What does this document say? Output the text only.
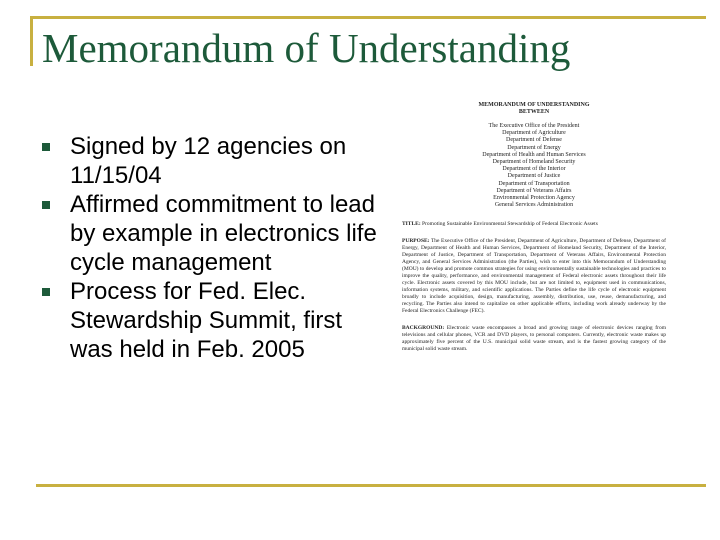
Memorandum of Understanding
Signed by 12 agencies on 11/15/04
Affirmed commitment to lead by example in electronics life cycle management
Process for Fed. Elec. Stewardship Summit, first was held in Feb. 2005
MEMORANDUM OF UNDERSTANDING
BETWEEN
The Executive Office of the President
Department of Agriculture
Department of Defense
Department of Energy
Department of Health and Human Services
Department of Homeland Security
Department of the Interior
Department of Justice
Department of Transportation
Department of Veterans Affairs
Environmental Protection Agency
General Services Administration
TITLE: Promoting Sustainable Environmental Stewardship of Federal Electronic Assets
PURPOSE: The Executive Office of the President, Department of Agriculture, Department of Defense, Department of Energy, Department of Health and Human Services, Department of Homeland Security, Department of the Interior, Department of Justice, Department of Transportation, Department of Veterans Affairs, Environmental Protection Agency, and General Services Administration (the Parties), wish to enter into this Memorandum of Understanding (MOU) to develop and promote common strategies for using environmentally sustainable technologies and practices to improve the quality, performance, and environmental management of Federal electronic assets throughout their life cycle. Electronic assets covered by this MOU include, but are not limited to, equipment used in communications, information systems, military, and scientific applications. The Parties define the life cycle of electronic equipment broadly to include acquisition, design, manufacturing, assembly, distribution, use, reuse, demanufacturing, and recycling. The Parties also intend to capitalize on other applicable efforts, including work already underway by the Federal Electronics Challenge (FEC).
BACKGROUND: Electronic waste encompasses a broad and growing range of electronic devices ranging from televisions and cellular phones, VCR and DVD players, to personal computers. Currently, electronic waste makes up approximately five percent of the U.S. municipal solid waste stream, and is the fastest growing category of the municipal solid waste stream.
